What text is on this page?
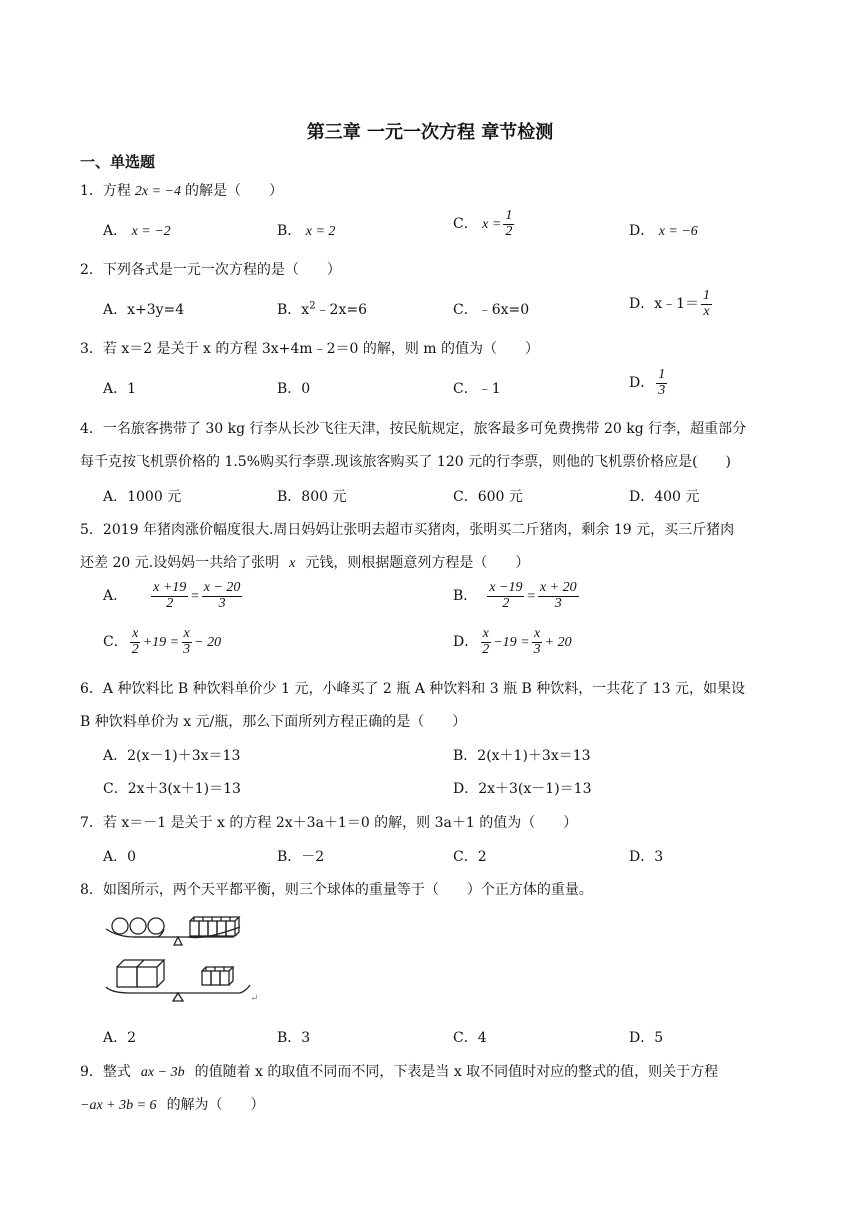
第三章 一元一次方程 章节检测
一、单选题
1．方程 2x = −4 的解是（　　）
A． x = −2	B． x = 2	C． $x = \frac{1}{2}$	D． x = −6
2．下列各式是一元一次方程的是（　　）
A．x+3y=4	B．$x^2﹣2x=6$	C．﹣6x=0	D．x﹣1＝ $\frac{1}{x}$
3．若 x＝2 是关于 x 的方程 3x+4m﹣2＝0 的解，则 m 的值为（　　）
A．1	B．0	C．﹣1	D． $\frac{1}{3}$
4．一名旅客携带了 30 kg 行李从长沙飞往天津，按民航规定，旅客最多可免费携带 20 kg 行李，超重部分
每千克按飞机票价格的 1.5%购买行李票.现该旅客购买了 120 元的行李票，则他的飞机票价格应是(　　)
A．1000 元	B．800 元	C．600 元	D．400 元
5．2019 年猪肉涨价幅度很大.周日妈妈让张明去超市买猪肉，张明买二斤猪肉，剩余 19 元，买三斤猪肉
还差 20 元.设妈妈一共给了张明 x 元钱，则根据题意列方程是（　　）
A． $\frac{x +19}{2} = \frac{x - 20}{3}$	B． $\frac{x -19}{2} = \frac{x + 20}{3}$
C． $\frac{x}{2} +19 = \frac{x}{3} - 20$	D． $\frac{x}{2} -19 = \frac{x}{3} + 20$
6．A 种饮料比 B 种饮料单价少 1 元，小峰买了 2 瓶 A 种饮料和 3 瓶 B 种饮料，一共花了 13 元，如果设
B 种饮料单价为 x 元/瓶，那么下面所列方程正确的是（　　）
A．2(x－1)＋3x＝13	B．2(x＋1)＋3x＝13
C．2x＋3(x＋1)＝13	D．2x＋3(x－1)＝13
7．若 x＝－1 是关于 x 的方程 2x＋3a＋1＝0 的解，则 3a＋1 的值为（　　）
A．0	B．－2	C．2	D．3
8．如图所示，两个天平都平衡，则三个球体的重量等于（　　）个正方体的重量。
↵
A．2	B．3	C．4	D．5
9．整式 ax − 3b 的值随着 x 的取值不同而不同，下表是当 x 取不同值时对应的整式的值，则关于方程
−ax + 3b = 6 的解为（　　）
